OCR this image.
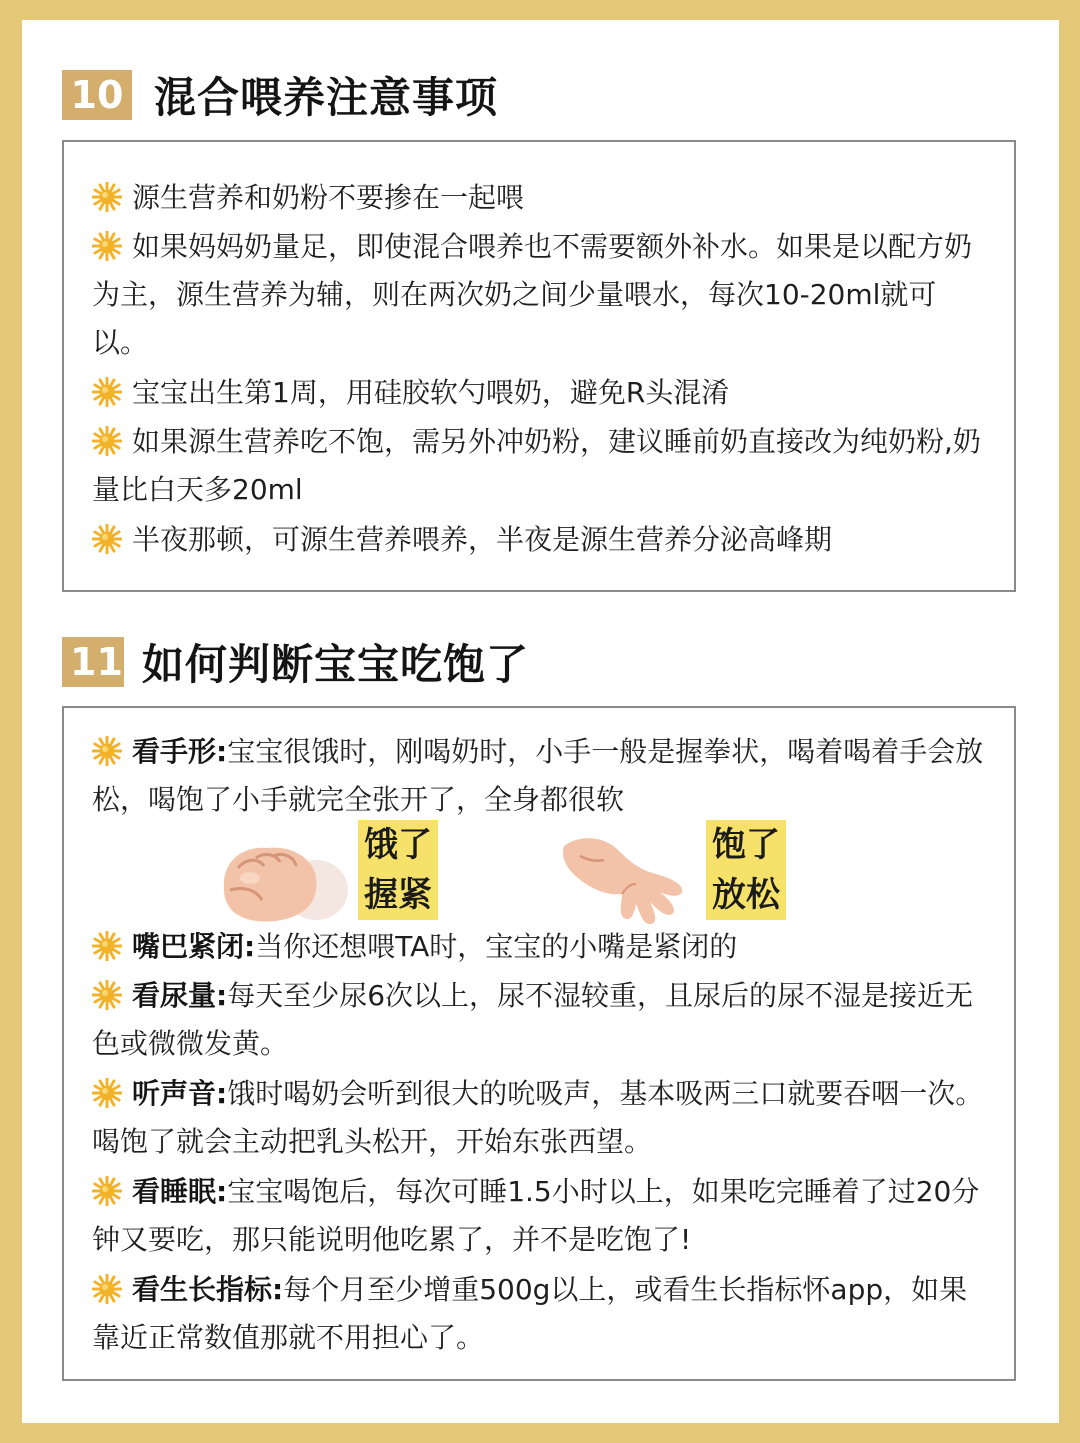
10 混合喂养注意事项

源生营养和奶粉不要掺在一起喂

如果妈妈奶量足，即使混合喂养也不需要额外补水。如果是以配方奶为主，源生营养为辅，则在两次奶之间少量喂水，每次10-20ml就可以。

宝宝出生第1周，用硅胶软勺喂奶，避免R头混淆

如果源生营养吃不饱，需另外冲奶粉，建议睡前奶直接改为纯奶粉,奶量比白天多20ml

半夜那顿，可源生营养喂养，半夜是源生营养分泌高峰期

11 如何判断宝宝吃饱了

看手形:宝宝很饿时，刚喝奶时，小手一般是握拳状，喝着喝着手会放松，喝饱了小手就完全张开了，全身都很软

饿了
握紧
饱了
放松

嘴巴紧闭:当你还想喂TA时，宝宝的小嘴是紧闭的

看尿量:每天至少尿6次以上，尿不湿较重，且尿后的尿不湿是接近无色或微微发黄。

听声音:饿时喝奶会听到很大的吮吸声，基本吸两三口就要吞咽一次。喝饱了就会主动把乳头松开，开始东张西望。

看睡眠:宝宝喝饱后，每次可睡1.5小时以上，如果吃完睡着了过20分钟又要吃，那只能说明他吃累了，并不是吃饱了!

看生长指标:每个月至少增重500g以上，或看生长指标怀app，如果靠近正常数值那就不用担心了。
